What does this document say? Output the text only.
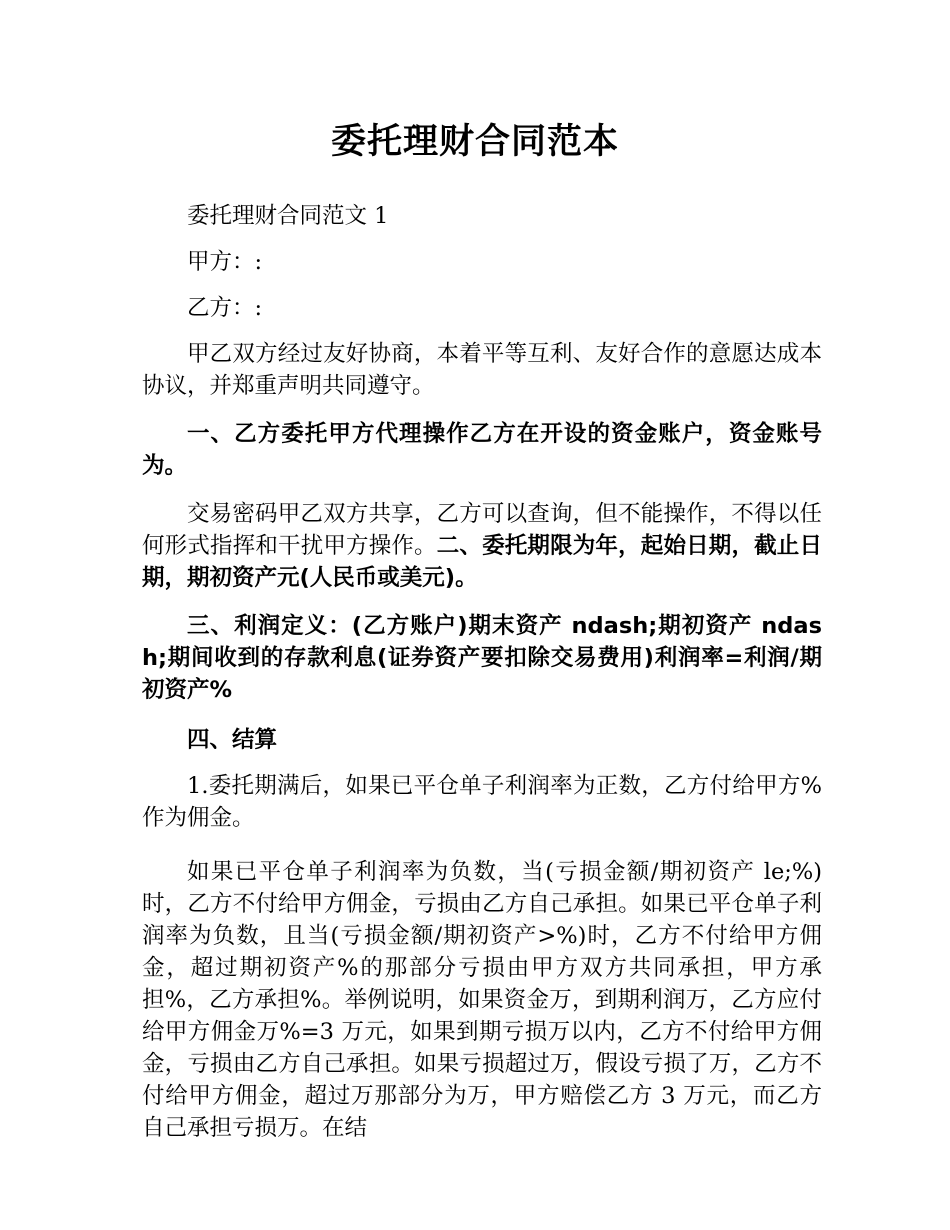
委托理财合同范本

委托理财合同范文 1

甲方：:

乙方：:

甲乙双方经过友好协商，本着平等互利、友好合作的意愿达成本协议，并郑重声明共同遵守。

一、乙方委托甲方代理操作乙方在开设的资金账户，资金账号为。

交易密码甲乙双方共享，乙方可以查询，但不能操作，不得以任何形式指挥和干扰甲方操作。二、委托期限为年，起始日期，截止日期，期初资产元(人民币或美元)。

三、利润定义：(乙方账户)期末资产 ndash;期初资产 ndash;期间收到的存款利息(证券资产要扣除交易费用)利润率=利润/期初资产%

四、结算

1.委托期满后，如果已平仓单子利润率为正数，乙方付给甲方%作为佣金。

如果已平仓单子利润率为负数，当(亏损金额/期初资产 le;%)时，乙方不付给甲方佣金，亏损由乙方自己承担。如果已平仓单子利润率为负数，且当(亏损金额/期初资产>%)时，乙方不付给甲方佣金，超过期初资产%的那部分亏损由甲方双方共同承担，甲方承担%，乙方承担%。举例说明，如果资金万，到期利润万，乙方应付给甲方佣金万%=3 万元，如果到期亏损万以内，乙方不付给甲方佣金，亏损由乙方自己承担。如果亏损超过万，假设亏损了万，乙方不付给甲方佣金，超过万那部分为万，甲方赔偿乙方 3 万元，而乙方自己承担亏损万。在结
